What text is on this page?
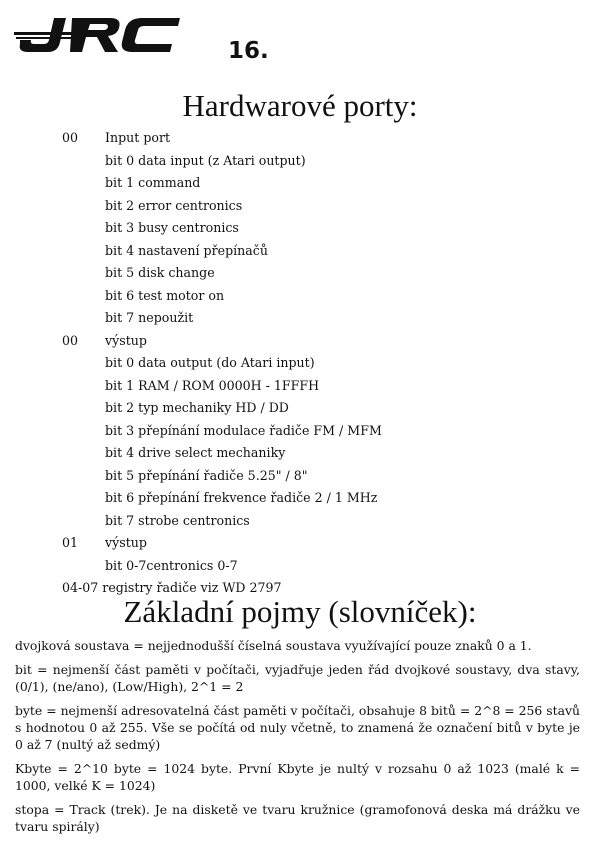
16.
Hardwarové porty:
00 Input port
bit 0 data input (z Atari output)
bit 1 command
bit 2 error centronics
bit 3 busy centronics
bit 4 nastavení přepínačů
bit 5 disk change
bit 6 test motor on
bit 7 nepoužit
00 výstup
bit 0 data output (do Atari input)
bit 1 RAM / ROM 0000H - 1FFFH
bit 2 typ mechaniky HD / DD
bit 3 přepínání modulace řadiče FM / MFM
bit 4 drive select mechaniky
bit 5 přepínání řadiče 5.25" / 8"
bit 6 přepínání frekvence řadiče 2 / 1 MHz
bit 7 strobe centronics
01 výstup
bit 0-7centronics 0-7
04-07 registry řadiče viz WD 2797
Základní pojmy (slovníček):

dvojková soustava = nejjednodušší číselná soustava využívající pouze znaků 0 a 1.

bit = nejmenší část paměti v počítači, vyjadřuje jeden řád dvojkové soustavy, dva stavy, (0/1), (ne/ano), (Low/High), 2^1 = 2

byte = nejmenší adresovatelná část paměti v počítači, obsahuje 8 bitů = 2^8 = 256 stavů s hodnotou 0 až 255. Vše se počítá od nuly včetně, to znamená že označení bitů v byte je 0 až 7 (nultý až sedmý)

Kbyte = 2^10 byte = 1024 byte. První Kbyte je nultý v rozsahu 0 až 1023 (malé k = 1000, velké K = 1024)

stopa = Track (trek). Je na disketě ve tvaru kružnice (gramofonová deska má drážku ve tvaru spirály)
